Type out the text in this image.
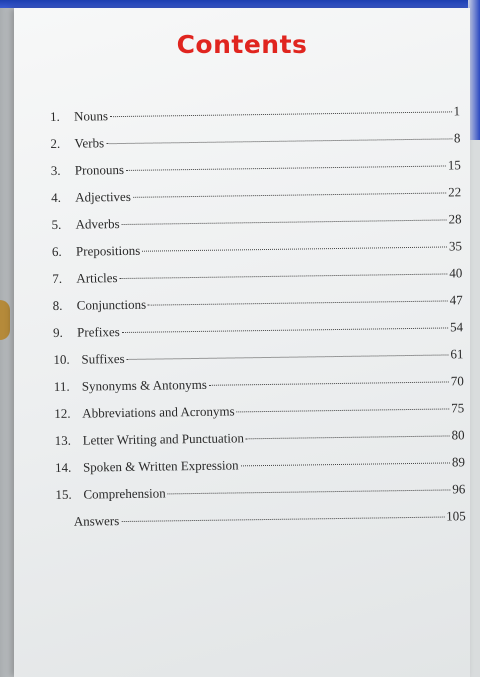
Contents
1.	Nouns	1
2.	Verbs	8
3.	Pronouns	15
4.	Adjectives	22
5.	Adverbs	28
6.	Prepositions	35
7.	Articles	40
8.	Conjunctions	47
9.	Prefixes	54
10. Suffixes	61
11. Synonyms & Antonyms	70
12. Abbreviations and Acronyms	75
13. Letter Writing and Punctuation	80
14. Spoken & Written Expression	89
15. Comprehension	96
Answers	105
